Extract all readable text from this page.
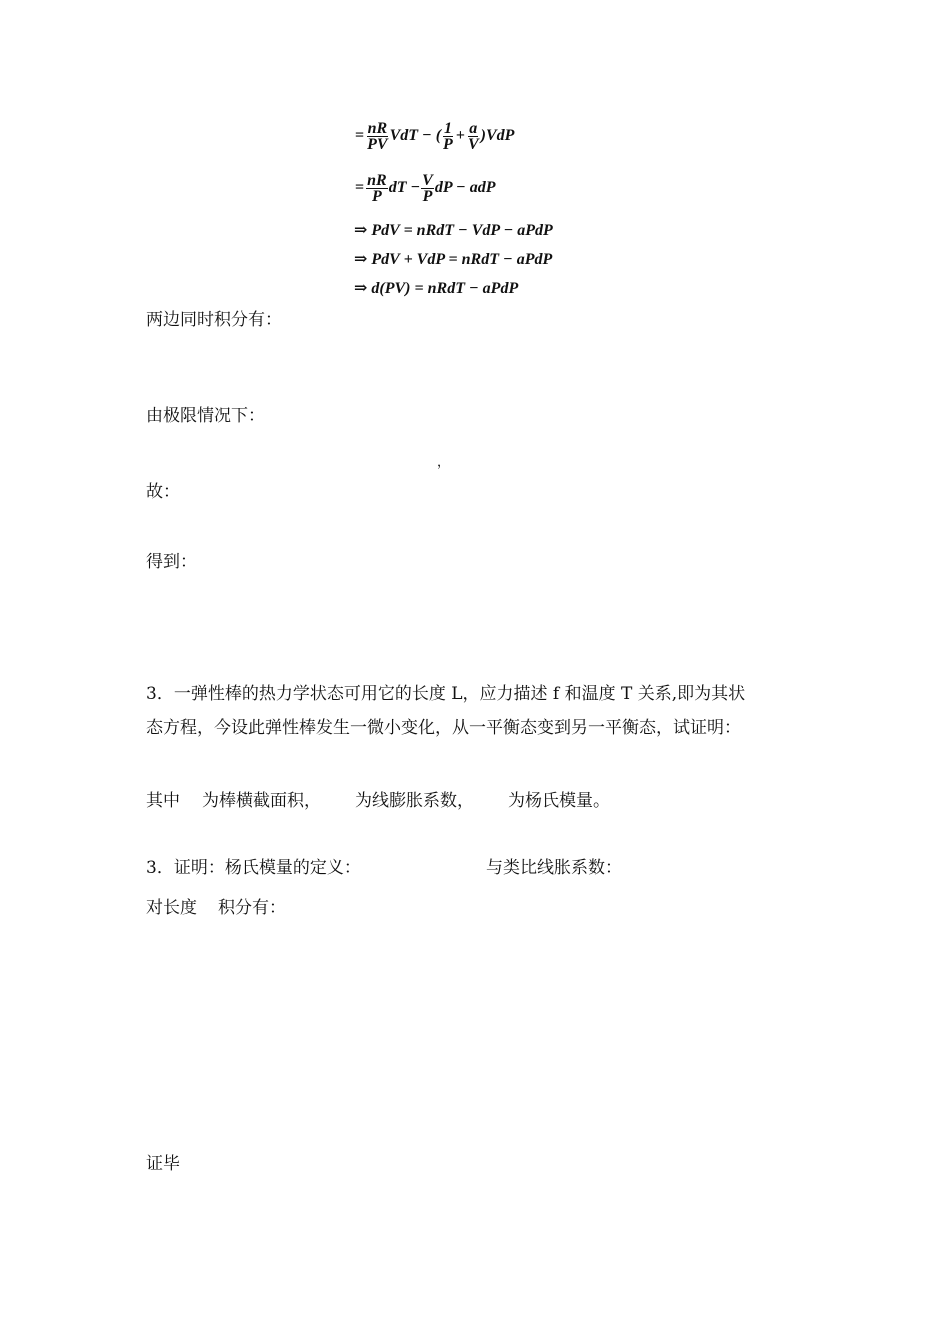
= $\frac{nR}{PV}$ VdT − ( $\frac{1}{P} + \frac{a}{V} )VdP$
= $\frac{nR}{P}$ dT − $\frac{V}{P}$ dP − adP
⇒ PdV = nRdT − VdP − aPdP
⇒ PdV + VdP = nRdT − aPdP
⇒ d(PV) = nRdT − aPdP
两边同时积分有：
由极限情况下：
，
故：
得到：
3．一弹性棒的热力学状态可用它的长度 L，应力描述 f 和温度 T 关系,即为其状
态方程，今设此弹性棒发生一微小变化，从一平衡态变到另一平衡态，试证明：
其中 为棒横截面积， 为线膨胀系数， 为杨氏模量。
3．证明：杨氏模量的定义：	与类比线胀系数：
对长度 积分有：
证毕
